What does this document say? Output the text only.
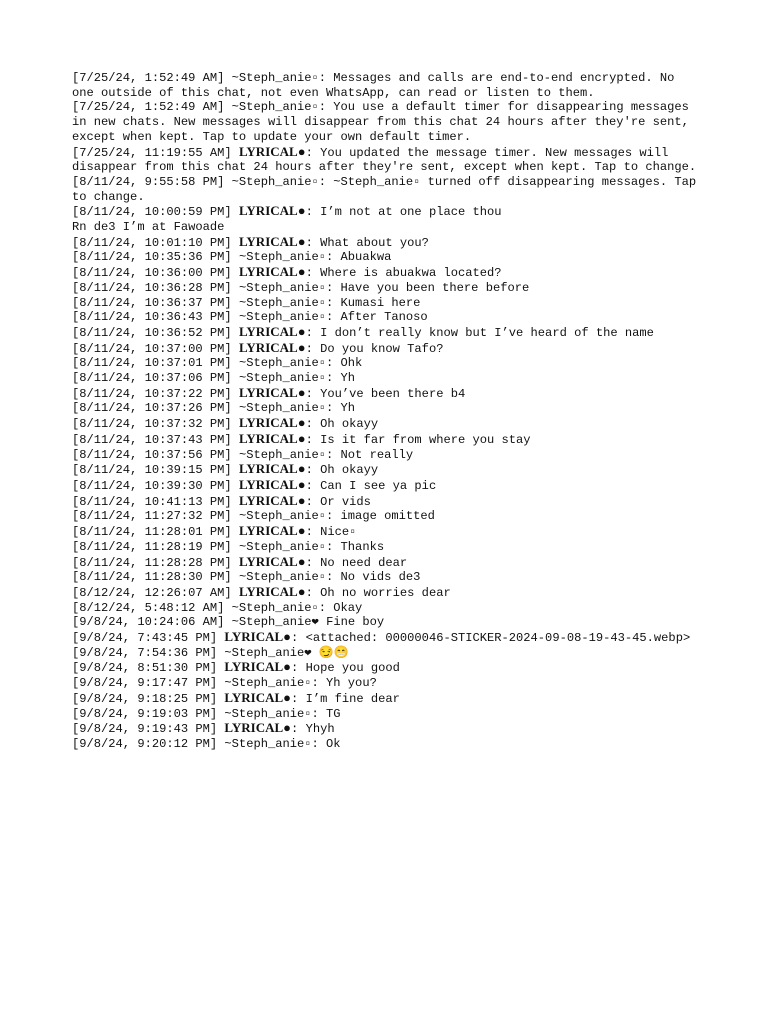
[7/25/24, 1:52:49 AM] ~Steph_anie▫: Messages and calls are end-to-end encrypted. No one outside of this chat, not even WhatsApp, can read or listen to them.
[7/25/24, 1:52:49 AM] ~Steph_anie▫: You use a default timer for disappearing messages in new chats. New messages will disappear from this chat 24 hours after they're sent, except when kept. Tap to update your own default timer.
[7/25/24, 11:19:55 AM] LYRICAL●: You updated the message timer. New messages will disappear from this chat 24 hours after they're sent, except when kept. Tap to change.
[8/11/24, 9:55:58 PM] ~Steph_anie▫: ~Steph_anie▫ turned off disappearing messages. Tap to change.
[8/11/24, 10:00:59 PM] LYRICAL●: I’m not at one place thou
Rn de3 I’m at Fawoade
[8/11/24, 10:01:10 PM] LYRICAL●: What about you?
[8/11/24, 10:35:36 PM] ~Steph_anie▫: Abuakwa
[8/11/24, 10:36:00 PM] LYRICAL●: Where is abuakwa located?
[8/11/24, 10:36:28 PM] ~Steph_anie▫: Have you been there before
[8/11/24, 10:36:37 PM] ~Steph_anie▫: Kumasi here
[8/11/24, 10:36:43 PM] ~Steph_anie▫: After Tanoso
[8/11/24, 10:36:52 PM] LYRICAL●: I don’t really know but I’ve heard of the name
[8/11/24, 10:37:00 PM] LYRICAL●: Do you know Tafo?
[8/11/24, 10:37:01 PM] ~Steph_anie▫: Ohk
[8/11/24, 10:37:06 PM] ~Steph_anie▫: Yh
[8/11/24, 10:37:22 PM] LYRICAL●: You’ve been there b4
[8/11/24, 10:37:26 PM] ~Steph_anie▫: Yh
[8/11/24, 10:37:32 PM] LYRICAL●: Oh okayy
[8/11/24, 10:37:43 PM] LYRICAL●: Is it far from where you stay
[8/11/24, 10:37:56 PM] ~Steph_anie▫: Not really
[8/11/24, 10:39:15 PM] LYRICAL●: Oh okayy
[8/11/24, 10:39:30 PM] LYRICAL●: Can I see ya pic
[8/11/24, 10:41:13 PM] LYRICAL●: Or vids
[8/11/24, 11:27:32 PM] ~Steph_anie▫: image omitted
[8/11/24, 11:28:01 PM] LYRICAL●: Nice▫
[8/11/24, 11:28:19 PM] ~Steph_anie▫: Thanks
[8/11/24, 11:28:28 PM] LYRICAL●: No need dear
[8/11/24, 11:28:30 PM] ~Steph_anie▫: No vids de3
[8/12/24, 12:26:07 AM] LYRICAL●: Oh no worries dear
[8/12/24, 5:48:12 AM] ~Steph_anie▫: Okay
[9/8/24, 10:24:06 AM] ~Steph_anie❤ Fine boy
[9/8/24, 7:43:45 PM] LYRICAL●: <attached: 00000046-STICKER-2024-09-08-19-43-45.webp>
[9/8/24, 7:54:36 PM] ~Steph_anie❤ 😏😁
[9/8/24, 8:51:30 PM] LYRICAL●: Hope you good
[9/8/24, 9:17:47 PM] ~Steph_anie▫: Yh you?
[9/8/24, 9:18:25 PM] LYRICAL●: I’m fine dear
[9/8/24, 9:19:03 PM] ~Steph_anie▫: TG
[9/8/24, 9:19:43 PM] LYRICAL●: Yhyh
[9/8/24, 9:20:12 PM] ~Steph_anie▫: Ok
